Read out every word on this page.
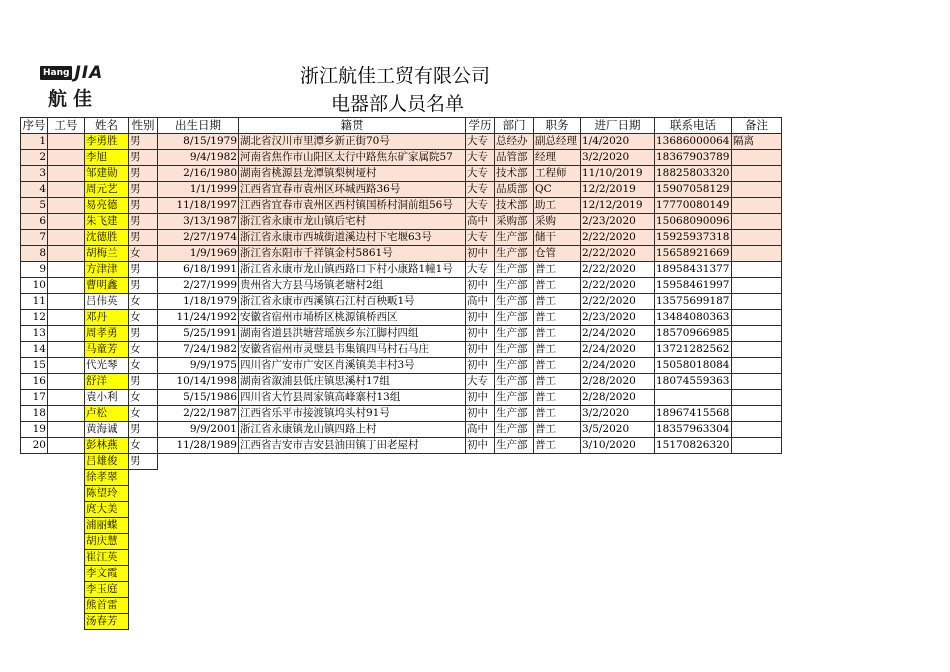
Hang JIA
航佳
浙江航佳工贸有限公司
电器部人员名单
序号	工号	姓名	性别	出生日期	籍贯	学历	部门	职务	进厂日期	联系电话	备注
1		李勇胜	男	8/15/1979	湖北省汉川市里潭乡新正街70号	大专	总经办	副总经理	1/4/2020	13686000064	隔离
2		李旭	男	9/4/1982	河南省焦作市山阳区太行中路焦东矿家属院57	大专	品管部	经理	3/2/2020	18367903789	
3		邹建勋	男	2/16/1980	湖南省桃源县龙潭镇梨树垭村	大专	技术部	工程师	11/10/2019	18825803320	
4		周元艺	男	1/1/1999	江西省宜春市袁州区环城西路36号	大专	品质部	QC	12/2/2019	15907058129	
5		易亮德	男	11/18/1997	江西省宜春市袁州区西村镇国桥村洞前组56号	大专	技术部	助工	12/12/2019	17770080149	
6		朱飞建	男	3/13/1987	浙江省永康市龙山镇后宅村	高中	采购部	采购	2/23/2020	15068090096	
7		沈德胜	男	2/27/1974	浙江省永康市西城街道溪边村下宅堰63号	大专	生产部	储干	2/22/2020	15925937318	
8		胡梅兰	女	1/9/1969	浙江省东阳市千祥镇金村5861号	初中	生产部	仓管	2/22/2020	15658921669	
9		方津津	男	6/18/1991	浙江省永康市龙山镇西路口下村小康路1幢1号	大专	生产部	普工	2/22/2020	18958431377	
10		曹明鑫	男	2/27/1999	贵州省大方县马场镇老塘村2组	初中	生产部	普工	2/22/2020	15958461997	
11		吕伟英	女	1/18/1979	浙江省永康市西溪镇石江村百秧畈1号	高中	生产部	普工	2/22/2020	13575699187	
12		邓丹	女	11/24/1992	安徽省宿州市埇桥区桃源镇桥西区	初中	生产部	普工	2/23/2020	13484080363	
13		周孝勇	男	5/25/1991	湖南省道县洪塘营瑶族乡东江脚村四组	初中	生产部	普工	2/24/2020	18570966985	
14		马童芳	女	7/24/1982	安徽省宿州市灵璧县韦集镇四马村石马庄	初中	生产部	普工	2/24/2020	13721282562	
15		代光琴	女	9/9/1975	四川省广安市广安区肖溪镇美丰村3号	初中	生产部	普工	2/24/2020	15058018084	
16		舒洋	男	10/14/1998	湖南省溆浦县低庄镇思溪村17组	大专	生产部	普工	2/28/2020	18074559363	
17		袁小利	女	5/15/1986	四川省大竹县周家镇高峰寨村13组	初中	生产部	普工	2/28/2020		
18		卢松	女	2/22/1987	江西省乐平市接渡镇坞头村91号	初中	生产部	普工	3/2/2020	18967415568	
19		黄海诚	男	9/9/2001	浙江省永康镇龙山镇四路上村	高中	生产部	普工	3/5/2020	18357963304	
20		彭林燕	女	11/28/1989	江西省吉安市吉安县油田镇丁田老屋村	初中	生产部	普工	3/10/2020	15170826320	
		吕雄俊	男								
		徐孝翠									
		陈望玲									
		庹大美									
		浦丽蝶									
		胡庆慧									
		崔江英									
		李文霞									
		李玉庭									
		熊首雷									
		汤春芳									
